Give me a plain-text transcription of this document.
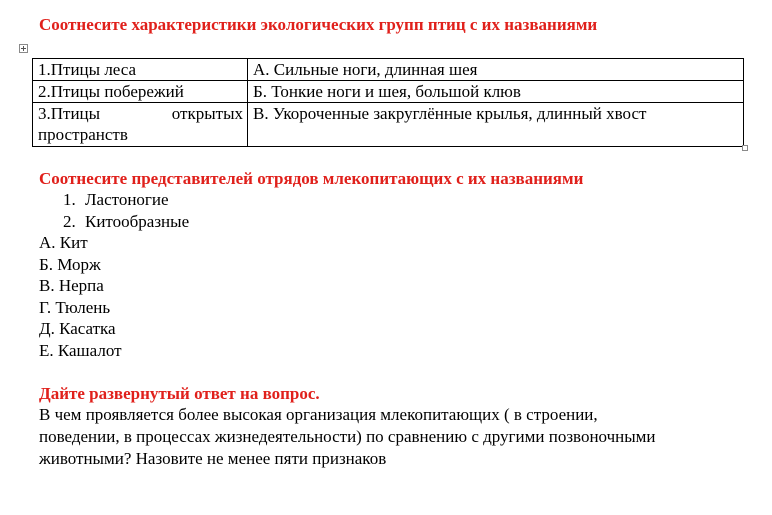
Соотнесите характеристики экологических групп птиц с их названиями
1.Птицы леса	А. Сильные ноги, длинная шея
2.Птицы побережий	Б. Тонкие ноги и шея, большой клюв
3.Птицы открытых
пространств	В. Укороченные закруглённые крылья, длинный хвост
Соотнесите представителей отрядов млекопитающих с их названиями
1. Ластоногие
2. Китообразные
А. Кит
Б. Морж
В. Нерпа
Г. Тюлень
Д. Касатка
Е. Кашалот
Дайте развернутый ответ на вопрос.
В чем проявляется более высокая организация млекопитающих ( в строении, поведении, в процессах жизнедеятельности) по сравнению с другими позвоночными животными? Назовите не менее пяти признаков
